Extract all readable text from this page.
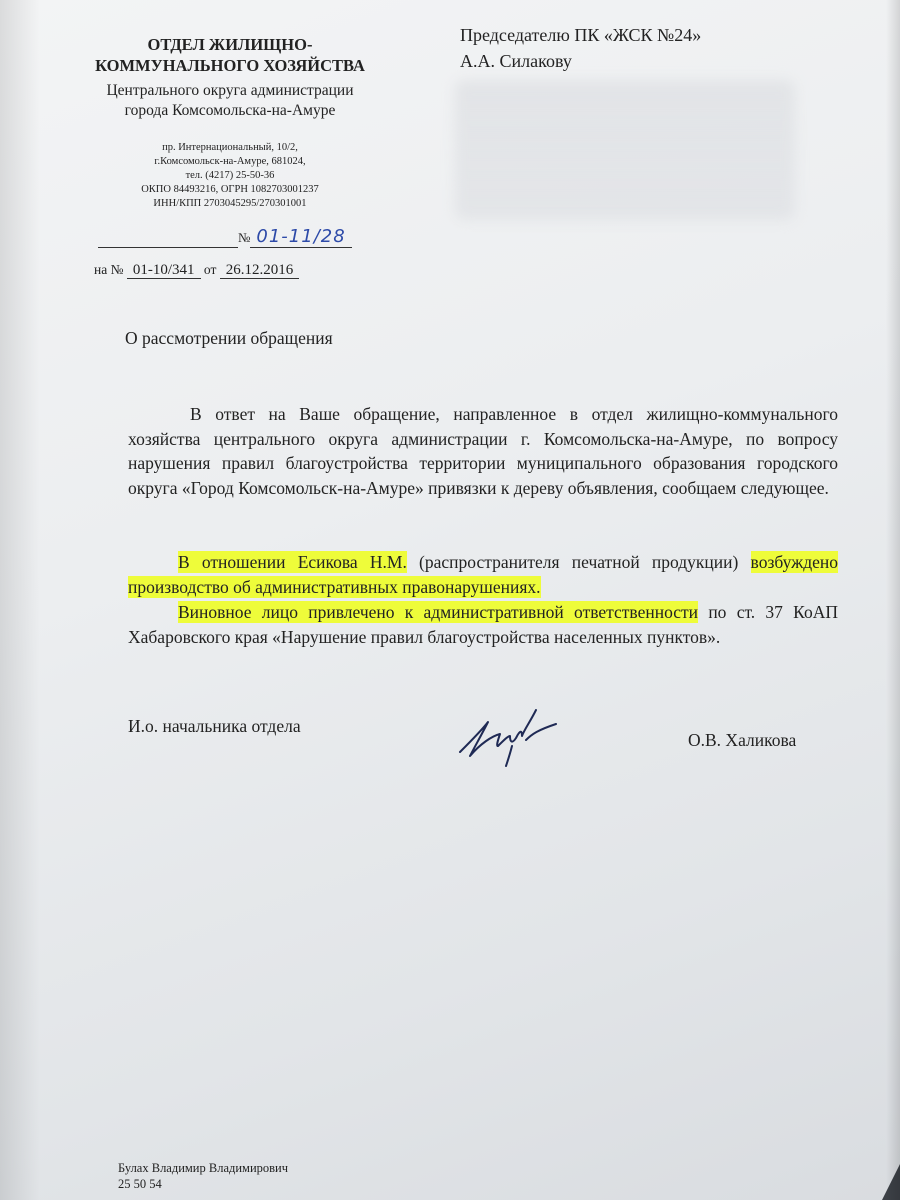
ОТДЕЛ ЖИЛИЩНО-
КОММУНАЛЬНОГО ХОЗЯЙСТВА
Центрального округа администрации
города Комсомольска-на-Амуре
пр. Интернациональный, 10/2,
г.Комсомольск-на-Амуре, 681024,
тел. (4217) 25-50-36
ОКПО 84493216, ОГРН 1082703001237
ИНН/КПП 2703045295/270301001
№ 01-11/28
на № 01-10/341 от 26.12.2016
Председателю ПК «ЖСК №24»
А.А. Силакову
О рассмотрении обращения
В ответ на Ваше обращение, направленное в отдел жилищно-коммунального хозяйства центрального округа администрации г. Комсомольска-на-Амуре, по вопросу нарушения правил благоустройства территории муниципального образования городского округа «Город Комсомольск-на-Амуре» привязки к дереву объявления, сообщаем следующее.
В отношении Есикова Н.М. (распространителя печатной продукции) возбуждено производство об административных правонарушениях.
Виновное лицо привлечено к административной ответственности по ст. 37 КоАП Хабаровского края «Нарушение правил благоустройства населенных пунктов».
И.о. начальника отдела
О.В. Халикова
Булах Владимир Владимирович
25 50 54
